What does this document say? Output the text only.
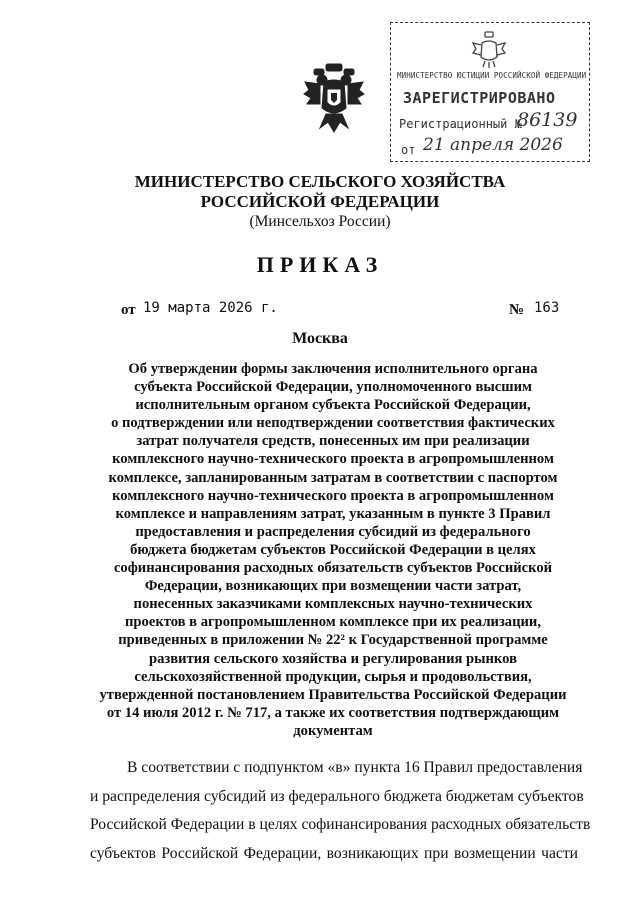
МИНИСТЕРСТВО ЮСТИЦИИ РОССИЙСКОЙ ФЕДЕРАЦИИ
ЗАРЕГИСТРИРОВАНО
Регистрационный №
86139
от 21 апреля 2026
МИНИСТЕРСТВО СЕЛЬСКОГО ХОЗЯЙСТВА
РОССИЙСКОЙ ФЕДЕРАЦИИ
(Минсельхоз России)
ПРИКАЗ
от 19 марта 2026 г.	№ 163
Москва
Об утверждении формы заключения исполнительного органа
субъекта Российской Федерации, уполномоченного высшим
исполнительным органом субъекта Российской Федерации,
о подтверждении или неподтверждении соответствия фактических
затрат получателя средств, понесенных им при реализации
комплексного научно-технического проекта в агропромышленном
комплексе, запланированным затратам в соответствии с паспортом
комплексного научно-технического проекта в агропромышленном
комплексе и направлениям затрат, указанным в пункте 3 Правил
предоставления и распределения субсидий из федерального
бюджета бюджетам субъектов Российской Федерации в целях
софинансирования расходных обязательств субъектов Российской
Федерации, возникающих при возмещении части затрат,
понесенных заказчиками комплексных научно-технических
проектов в агропромышленном комплексе при их реализации,
приведенных в приложении № 22² к Государственной программе
развития сельского хозяйства и регулирования рынков
сельскохозяйственной продукции, сырья и продовольствия,
утвержденной постановлением Правительства Российской Федерации
от 14 июля 2012 г. № 717, а также их соответствия подтверждающим
документам
В соответствии с подпунктом «в» пункта 16 Правил предоставления
и распределения субсидий из федерального бюджета бюджетам субъектов
Российской Федерации в целях софинансирования расходных обязательств
субъектов Российской Федерации, возникающих при возмещении части
